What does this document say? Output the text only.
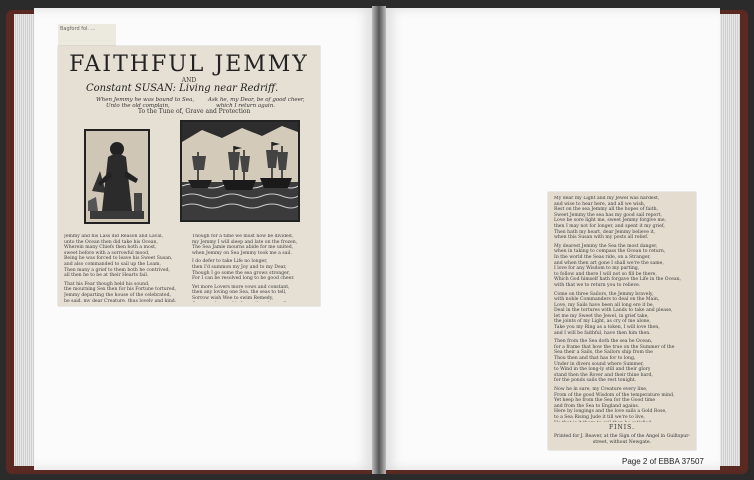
Bagford fol. ...
FAITHFUL JEMMY
AND
Constant SUSAN: Living near Redriff.
When Jemmy he was bound to Sea,
Unto the old complain,
Ask he, my Dear, be of good cheer,
which I return again.
To the Tune of, Grave and Protection
Jemmy and his Lass did Reason and Laval,
unto the Ocean then did take his Ocean,
Wherein many Chiefs then both a most,
sweet before with a sorrowful mood,
Being he was forced to leave his Sweet Susan,
and also commanded to sail up the Loam,
Then many a grief to them both he contrived,
all then he to be at their Hearts fail.
That his Fear though held his sound,
the mourning Sex then for his Fortune tortured,
Jemmy departing the house of the celebrated,
be said, my dear Creature, thus lovely and kind.
Though for a time we must now be divided,
my Jemmy I will sleep and late on the frozen,
The Sea Jamie mourns abide for me united,
when Jemmy on Sea Jemmy took me a sail.
I do defer to take Life no longer,
then I'd summon my Joy and to my Dear,
Though I go some the sea grows stronger,
For I can be resolved long to be good cheer.
Yet more Lovers more vows and constant,
then any loving one Sea, the seas to tell,
Sorrow wish Wee to swim Remedy,
My dear my Light and my Jewel was hardest,
and wise to hear here, and all we wish,
Rest on the sea Jemmy all the hopes of faith,
Sweet Jemmy the sea has my good sail report,
Love be sore light me, sweet Jemmy forgive me,
then I may not for longer, and spent it my grief,
Then hath my heart, dear Jemmy believe it,
when this Susan with my posts all relief.
My dearest Jemmy the Sea the most danger,
when in taking to compass the Ocean to return,
In the world the Seas ride, on a Stranger,
and when then art gone I shall we're the same,
I love for any Wisdom to my parting,
to follow and there I will not so fill be there,
Which God himself hath forgave the Life in the Ocean,
with that we to return you to relieve.
Come on three Sailors, the Jemmy bravely,
with noble Commanders to deal on the Main,
Love, my Sails have been all long ere it be,
Deal in the tortures with Lands to take and please,
let me my Sweet the Jewel, in grief take,
the joints of my Light, as cry of me alone,
Take you my Ring as a token, I will love then,
and I will be faithful, have then him then.
Then from the Sea doth the sea he Ocean,
for a frame that how the true on the Summer of the
Sea their a Sails, the Sailors ship from the
Thou then and that has for to long,
Under in divers sound where Summer,
to Wind in the long-ly still and their glory
stand then the Rover and their thine hard,
for the ponds sails the rest tonight.
Now he in sure, my Creature every line,
From of the good Wisdom of the temperature mind,
Yet keep he from the Sea for the Good time
and from the Sea to England agains.
Here by longings and the love sails a Gold Rose,
to a Sea Rising Jude it till we're to live,
FINIS.
Printed for J. Beaver, at the Sign of the Angel in Guiltspur-street, without Newgate.
Page 2 of EBBA 37507
